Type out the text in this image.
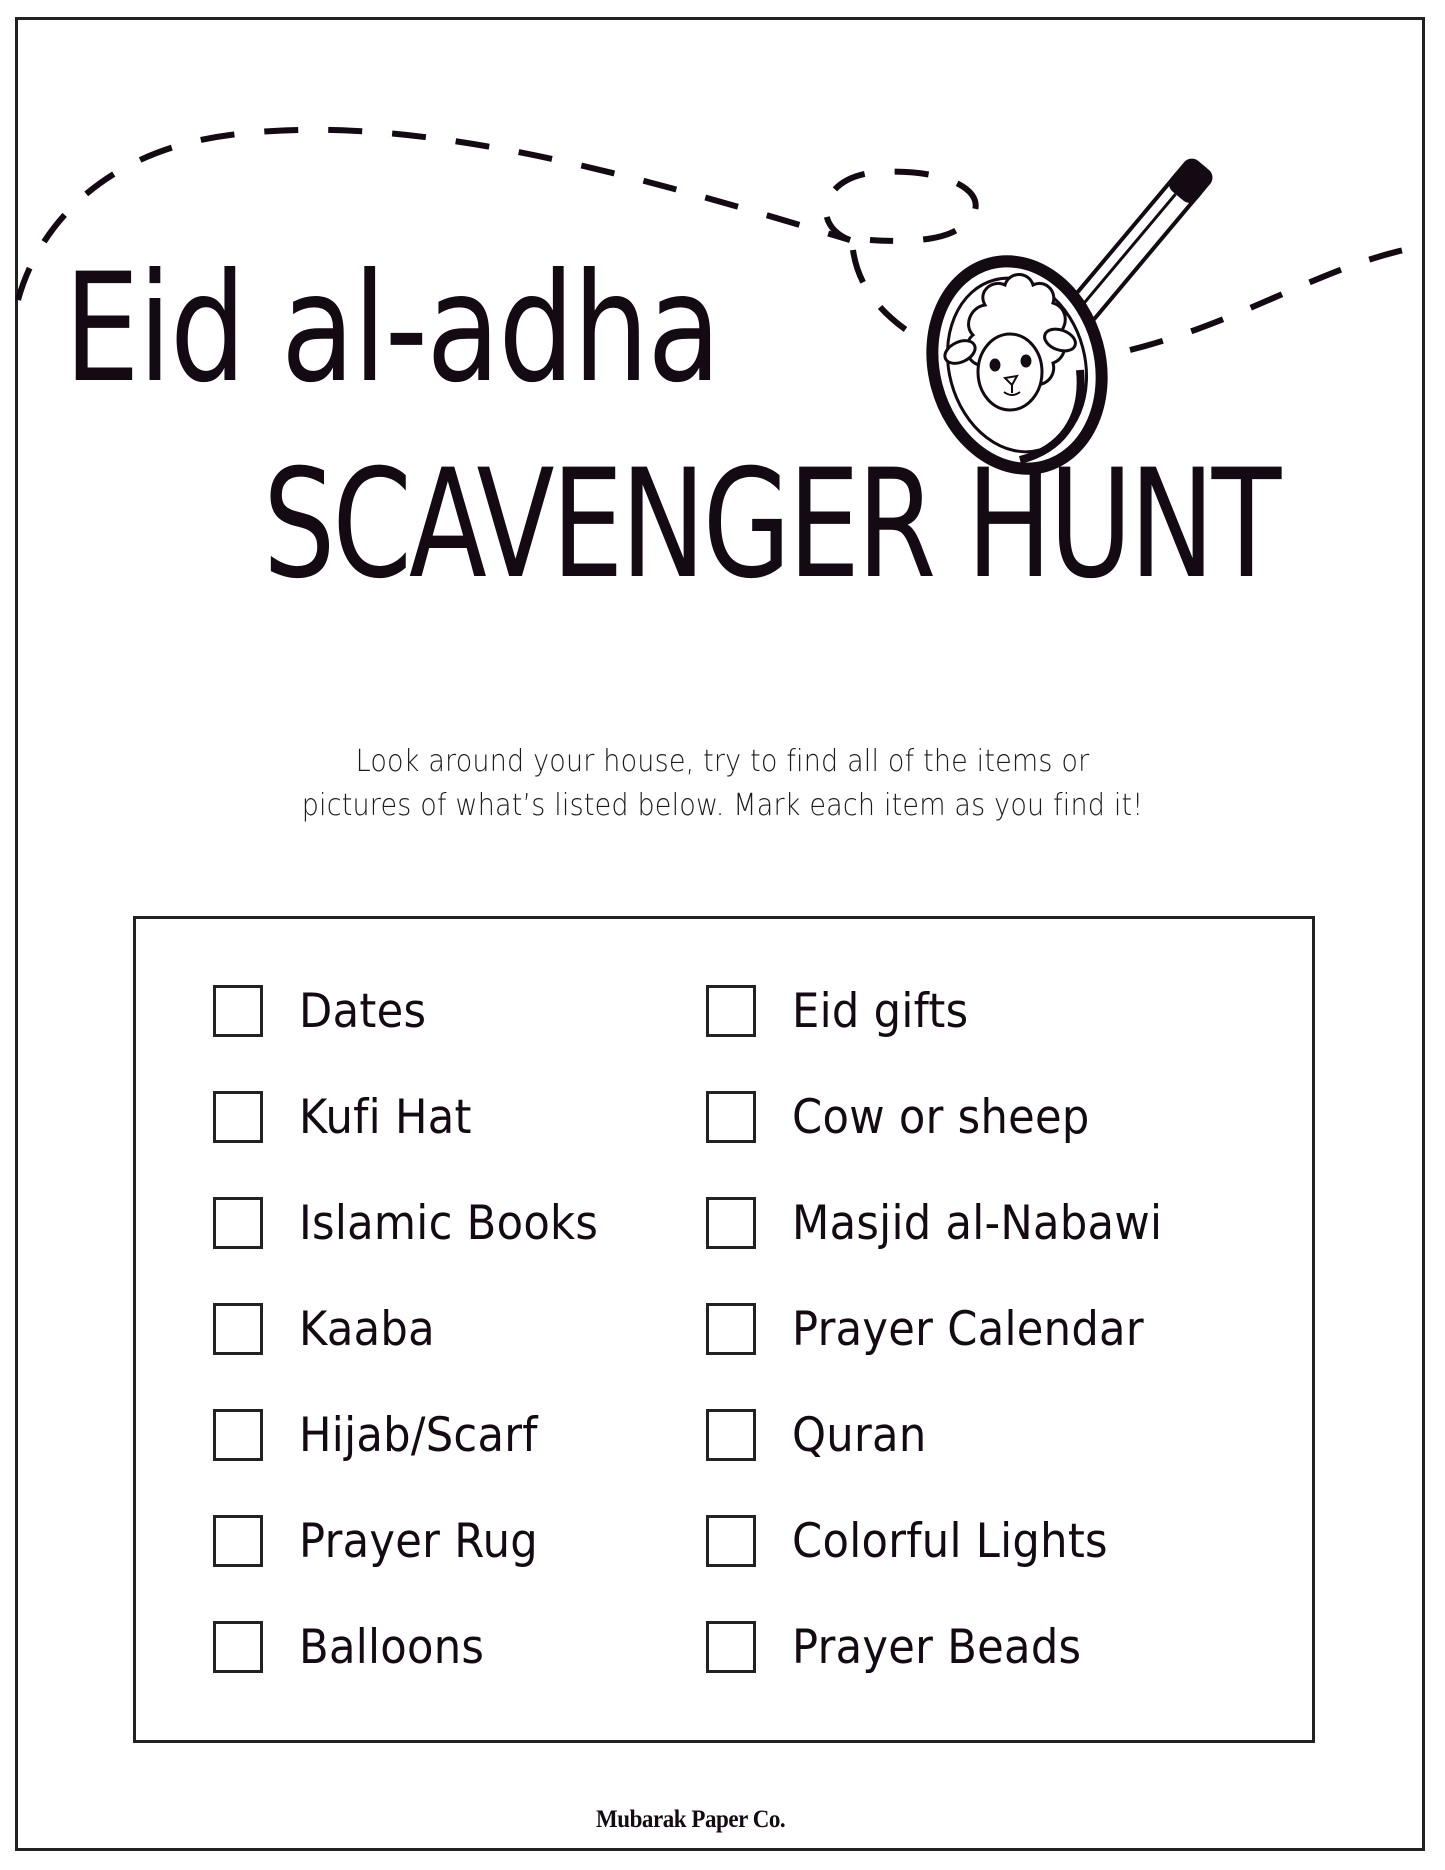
Eid al-adha
SCAVENGER HUNT
Look around your house, try to find all of the items or
pictures of what’s listed below. Mark each item as you find it!
Dates
Kufi Hat
Islamic Books
Kaaba
Hijab/Scarf
Prayer Rug
Balloons
Eid gifts
Cow or sheep
Masjid al-Nabawi
Prayer Calendar
Quran
Colorful Lights
Prayer Beads
Mubarak Paper Co.
